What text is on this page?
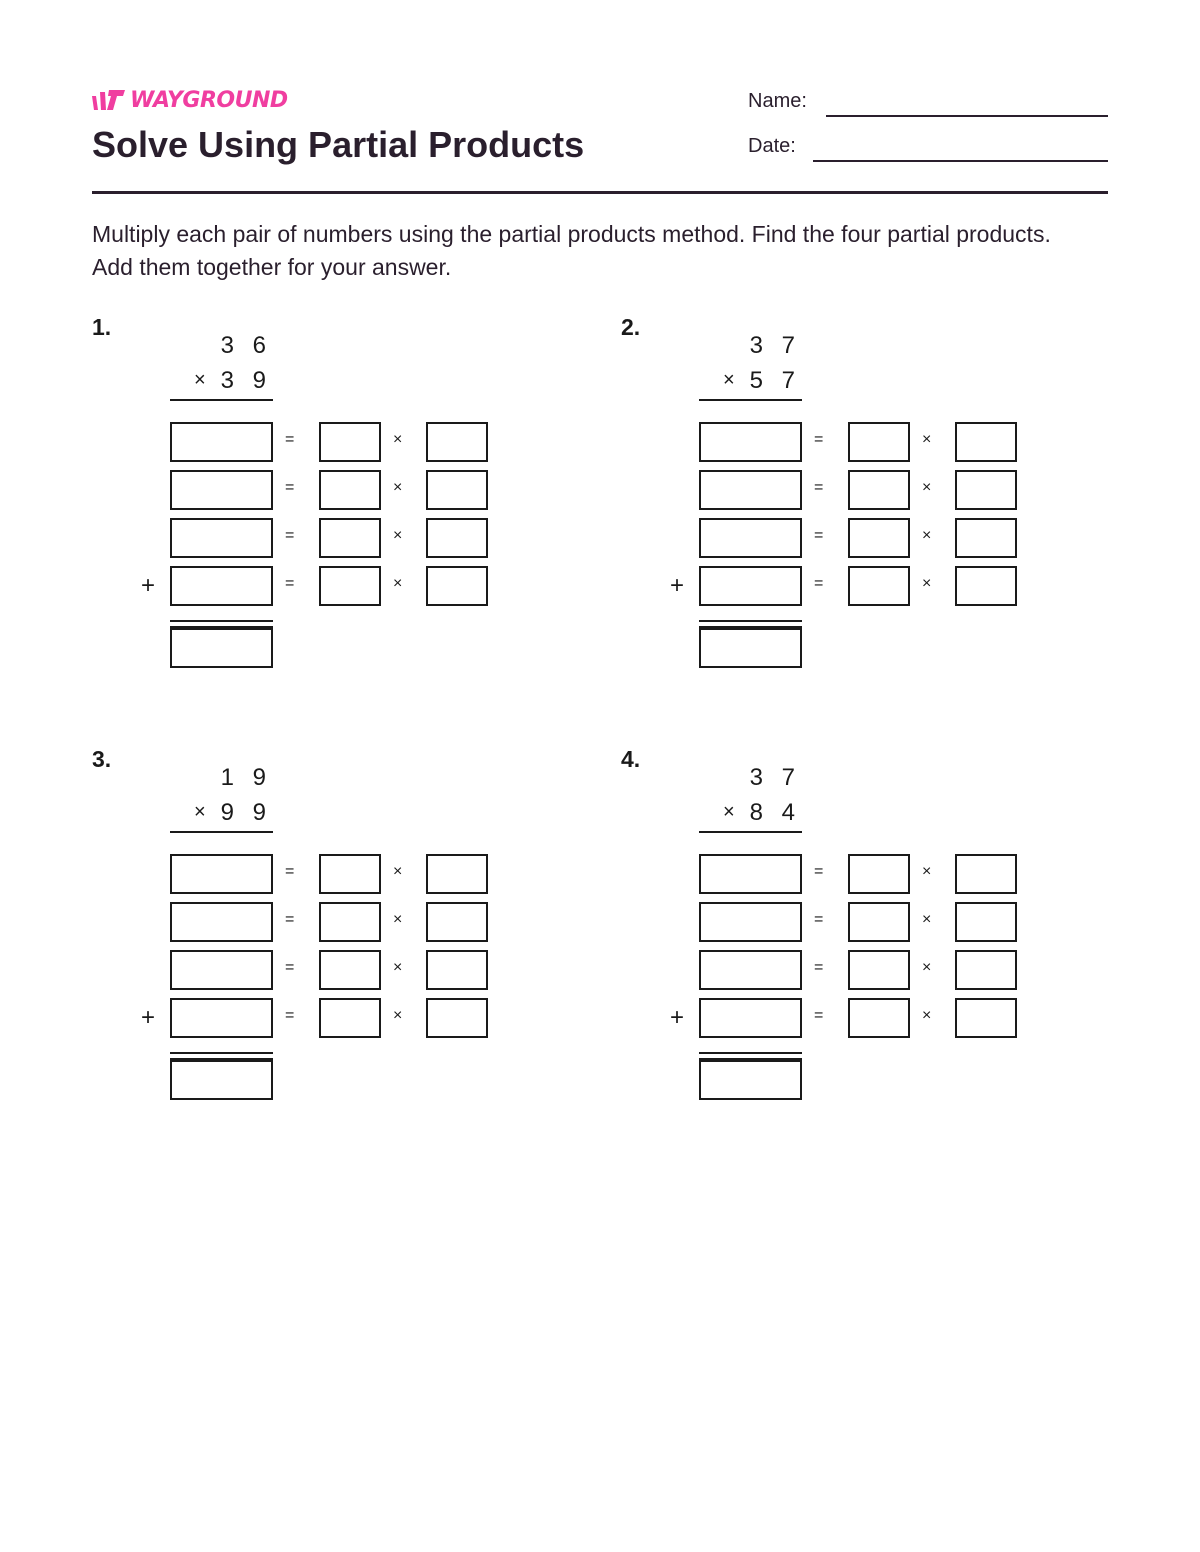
WAYGROUND
Solve Using Partial Products
Name:
Date:
Multiply each pair of numbers using the partial products method. Find the four partial products. Add them together for your answer.
1.
3 6
× 3 9
=	×
=	×
=	×
=	×
+
2.
3 7
× 5 7
=	×
=	×
=	×
=	×
+
3.
1 9
× 9 9
=	×
=	×
=	×
=	×
+
4.
3 7
× 8 4
=	×
=	×
=	×
=	×
+
